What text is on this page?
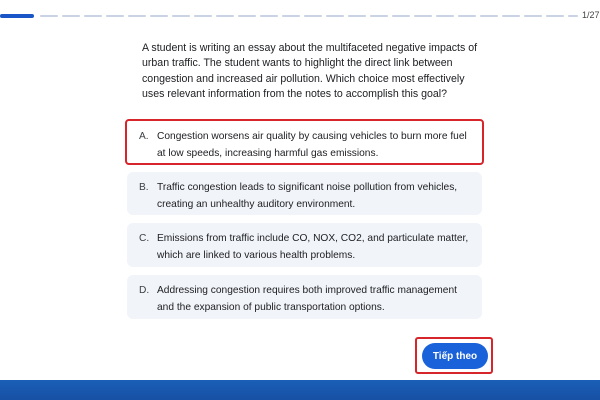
1/27

A student is writing an essay about the multifaceted negative impacts of urban traffic. The student wants to highlight the direct link between congestion and increased air pollution. Which choice most effectively uses relevant information from the notes to accomplish this goal?

A. Congestion worsens air quality by causing vehicles to burn more fuel at low speeds, increasing harmful gas emissions.
B. Traffic congestion leads to significant noise pollution from vehicles, creating an unhealthy auditory environment.
C. Emissions from traffic include CO, NOX, CO2, and particulate matter, which are linked to various health problems.
D. Addressing congestion requires both improved traffic management and the expansion of public transportation options.
Tiếp theo
